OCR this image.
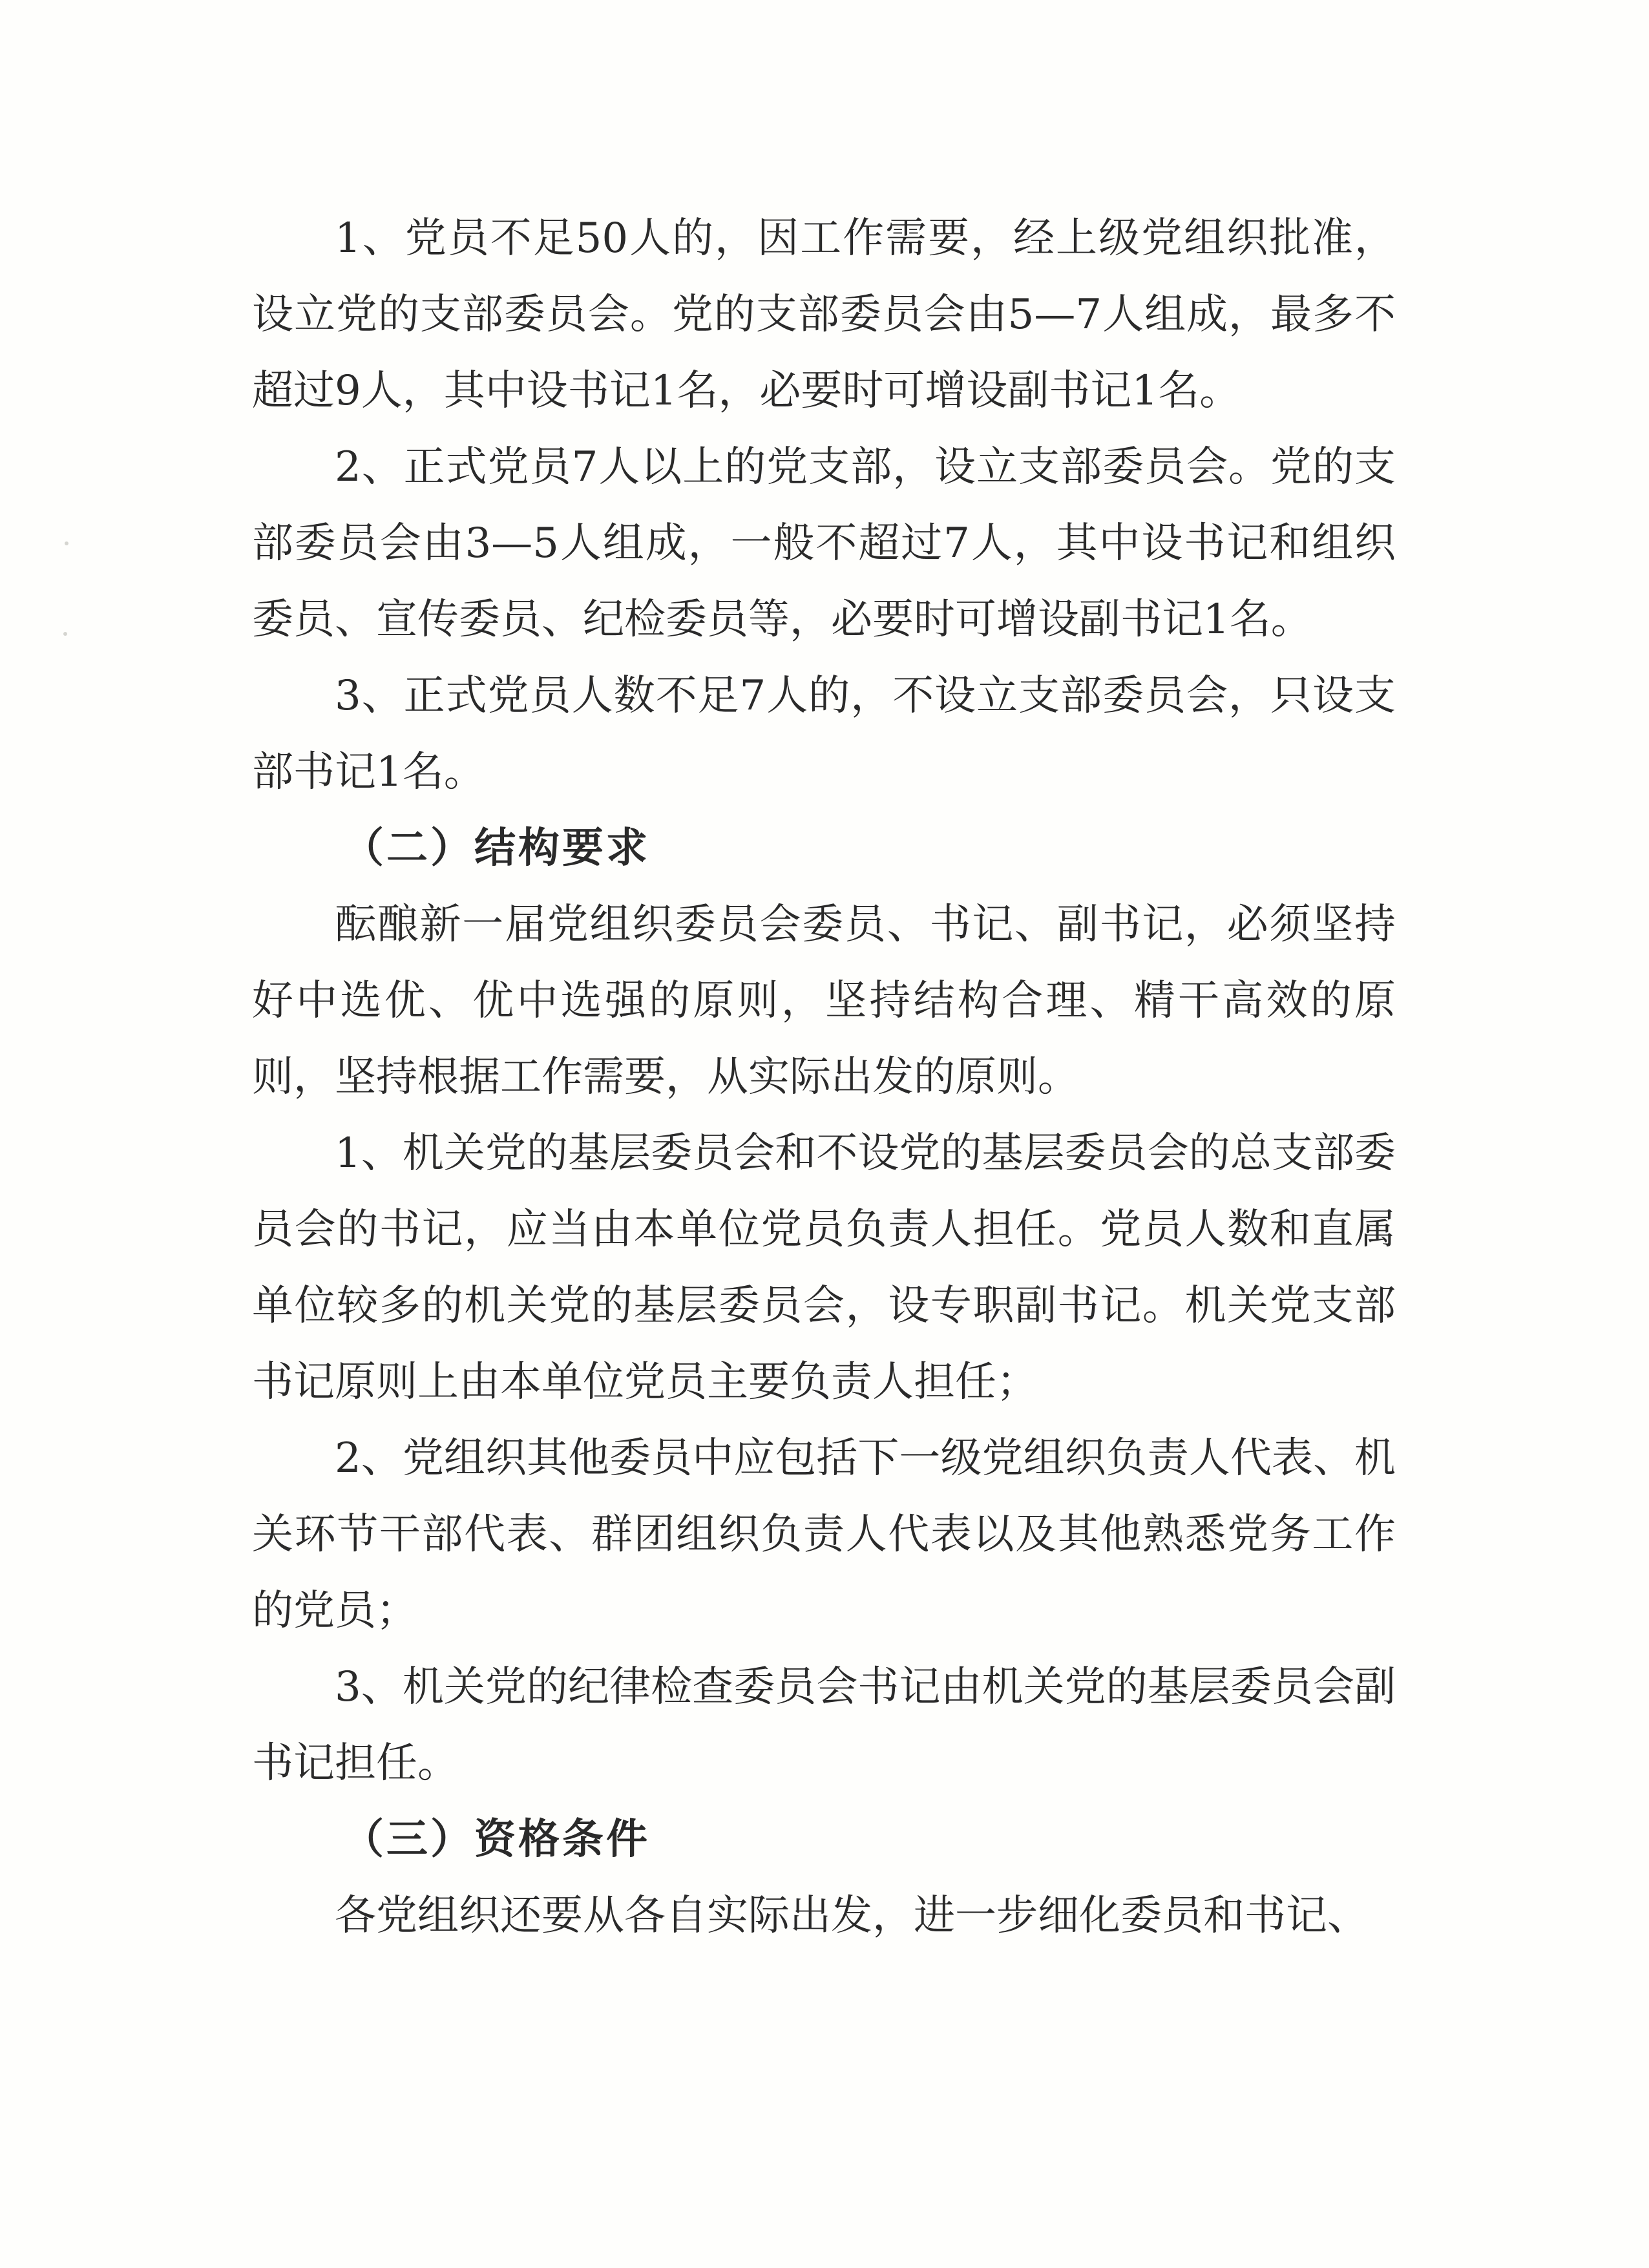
1、党员不足50人的，因工作需要，经上级党组织批准，设立党的支部委员会。党的支部委员会由5—7人组成，最多不超过9人，其中设书记1名，必要时可增设副书记1名。

2、正式党员7人以上的党支部，设立支部委员会。党的支部委员会由3—5人组成，一般不超过7人，其中设书记和组织委员、宣传委员、纪检委员等，必要时可增设副书记1名。

3、正式党员人数不足7人的，不设立支部委员会，只设支部书记1名。

（二）结构要求

酝酿新一届党组织委员会委员、书记、副书记，必须坚持好中选优、优中选强的原则，坚持结构合理、精干高效的原则，坚持根据工作需要，从实际出发的原则。

1、机关党的基层委员会和不设党的基层委员会的总支部委员会的书记，应当由本单位党员负责人担任。党员人数和直属单位较多的机关党的基层委员会，设专职副书记。机关党支部书记原则上由本单位党员主要负责人担任；

2、党组织其他委员中应包括下一级党组织负责人代表、机关环节干部代表、群团组织负责人代表以及其他熟悉党务工作的党员；

3、机关党的纪律检查委员会书记由机关党的基层委员会副书记担任。

（三）资格条件

各党组织还要从各自实际出发，进一步细化委员和书记、
